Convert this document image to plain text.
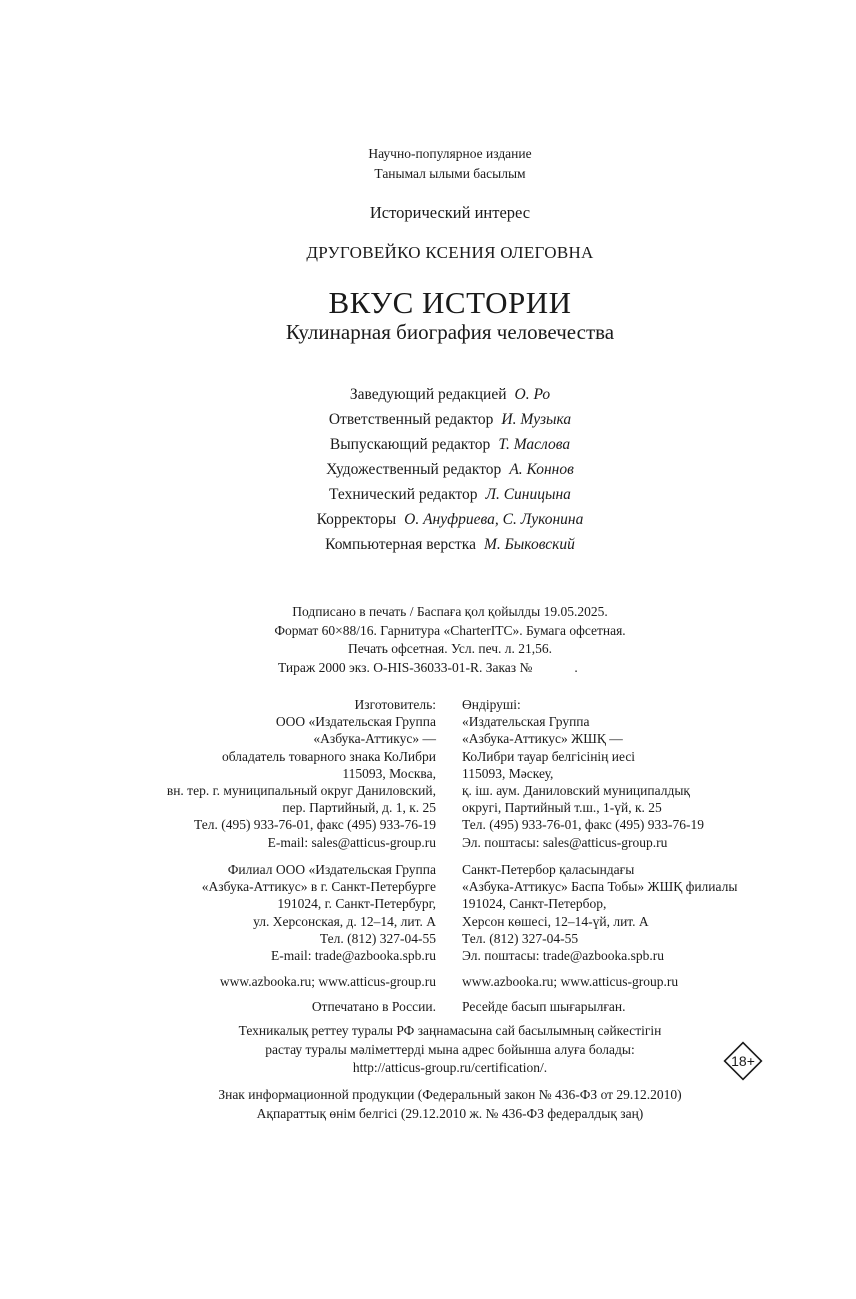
Научно-популярное издание
Танымал ылыми басылым
Исторический интерес
ДРУГОВЕЙКО КСЕНИЯ ОЛЕГОВНА
ВКУС ИСТОРИИ
Кулинарная биография человечества
Заведующий редакцией О. Ро
Ответственный редактор И. Музыка
Выпускающий редактор Т. Маслова
Художественный редактор А. Коннов
Технический редактор Л. Синицына
Корректоры О. Ануфриева, С. Луконина
Компьютерная верстка М. Быковский
Подписано в печать / Баспаға қол қойылды 19.05.2025.
Формат 60×88/16. Гарнитура «CharterITC». Бумага офсетная.
Печать офсетная. Усл. печ. л. 21,56.
Тираж 2000 экз. O-HIS-36033-01-R. Заказ №	.
Изготовитель:
ООО «Издательская Группа
«Азбука-Аттикус» —
обладатель товарного знака КоЛибри
115093, Москва,
вн. тер. г. муниципальный округ Даниловский,
пер. Партийный, д. 1, к. 25
Тел. (495) 933-76-01, факс (495) 933-76-19
E-mail: sales@atticus-group.ru
Өндіруші:
«Издательская Группа
«Азбука-Аттикус» ЖШҚ —
КоЛибри тауар белгісінің иесі
115093, Мәскеу,
қ. іш. аум. Даниловский муниципалдық
округі, Партийный т.ш., 1-үй, к. 25
Тел. (495) 933-76-01, факс (495) 933-76-19
Эл. поштасы: sales@atticus-group.ru
Филиал ООО «Издательская Группа
«Азбука-Аттикус» в г. Санкт-Петербурге
191024, г. Санкт-Петербург,
ул. Херсонская, д. 12–14, лит. А
Тел. (812) 327-04-55
E-mail: trade@azbooka.spb.ru
Санкт-Петербор қаласындағы
«Азбука-Аттикус» Баспа Тобы» ЖШҚ филиалы
191024, Санкт-Петербор,
Херсон көшесі, 12–14-үй, лит. А
Тел. (812) 327-04-55
Эл. поштасы: trade@azbooka.spb.ru
www.azbooka.ru; www.atticus-group.ru www.azbooka.ru; www.atticus-group.ru
Отпечатано в России. Ресейде басып шығарылған.
Техникалық реттеу туралы РФ заңнамасына сай басылымның сәйкестігін
растау туралы мәліметтерді мына адрес бойынша алуға болады:
http://atticus-group.ru/certification/.	18+
Знак информационной продукции (Федеральный закон № 436-ФЗ от 29.12.2010)
Ақпараттық өнім белгісі (29.12.2010 ж. № 436-ФЗ федералдық заң)
